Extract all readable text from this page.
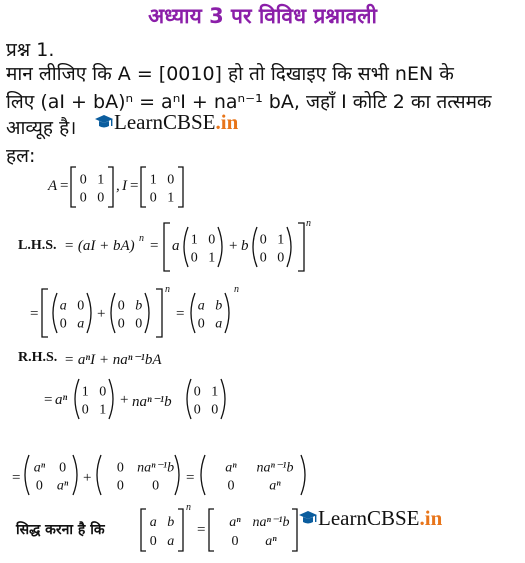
अध्याय 3 पर विविध प्रश्नावली
प्रश्न 1.
मान लीजिए कि A = [0010] हो तो दिखाइए कि सभी nEN के
लिए (aI + bA)ⁿ = aⁿI + naⁿ⁻¹ bA, जहाँ I कोटि 2 का तत्समक
आव्यूह है।	LearnCBSE.in
हल:
A = 0 1
0 0
, I = 1 0
0 1
L.H.S. = (aI + bA) n = a 1 0
0 1
+ b 0 1
0 0
n
= a 0
0 a
+ 0 b
0 0
n
= a b
0 a
n
R.H.S. = aⁿI + naⁿ⁻¹bA
= aⁿ 1 0
0 1
+ naⁿ⁻¹b
0 1
0 0
=
aⁿ 0
0 aⁿ +
0 naⁿ⁻¹b
0 0 =
aⁿ naⁿ⁻¹b
0 aⁿ
सिद्ध करना है कि	a b
0 a
n
= aⁿ naⁿ⁻¹b
0 aⁿ
LearnCBSE.in
